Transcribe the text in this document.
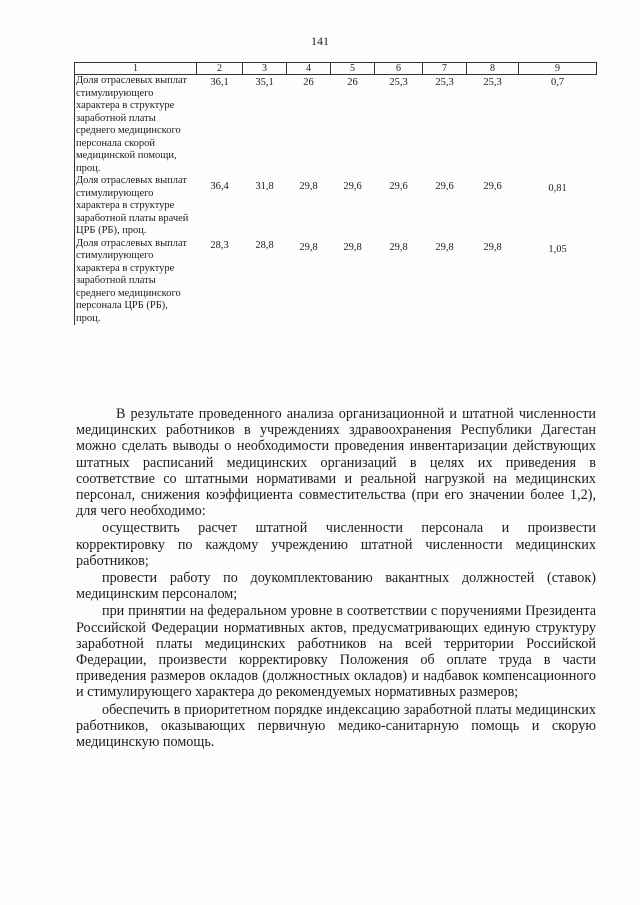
141
1	2	3	4	5	6	7	8	9
Доля отраслевых выплат стимулирующего характера в структуре заработной платы среднего медицинского персонала скорой медицинской помощи, проц.	36,1	35,1	26	26	25,3	25,3	25,3	0,7
Доля отраслевых выплат стимулирующего характера в структуре заработной платы врачей ЦРБ (РБ), проц.	36,4	31,8	29,8	29,6	29,6	29,6	29,6	0,81
Доля отраслевых выплат стимулирующего характера в структуре заработной платы среднего медицинского персонала ЦРБ (РБ), проц.	28,3	28,8	29,8	29,8	29,8	29,8	29,8	1,05

В результате проведенного анализа организационной и штатной численности медицинских работников в учреждениях здравоохранения Республики Дагестан можно сделать выводы о необходимости проведения инвентаризации действующих штатных расписаний медицинских организаций в целях их приведения в соответствие со штатными нормативами и реальной нагрузкой на медицинских персонал, снижения коэффициента совместительства (при его значении более 1,2), для чего необходимо:

осуществить расчет штатной численности персонала и произвести корректировку по каждому учреждению штатной численности медицинских работников;

провести работу по доукомплектованию вакантных должностей (ставок) медицинским персоналом;

при принятии на федеральном уровне в соответствии с поручениями Президента Российской Федерации нормативных актов, предусматривающих единую структуру заработной платы медицинских работников на всей территории Российской Федерации, произвести корректировку Положения об оплате труда в части приведения размеров окладов (должностных окладов) и надбавок компенсационного и стимулирующего характера до рекомендуемых нормативных размеров;

обеспечить в приоритетном порядке индексацию заработной платы медицинских работников, оказывающих первичную медико-санитарную помощь и скорую медицинскую помощь.
